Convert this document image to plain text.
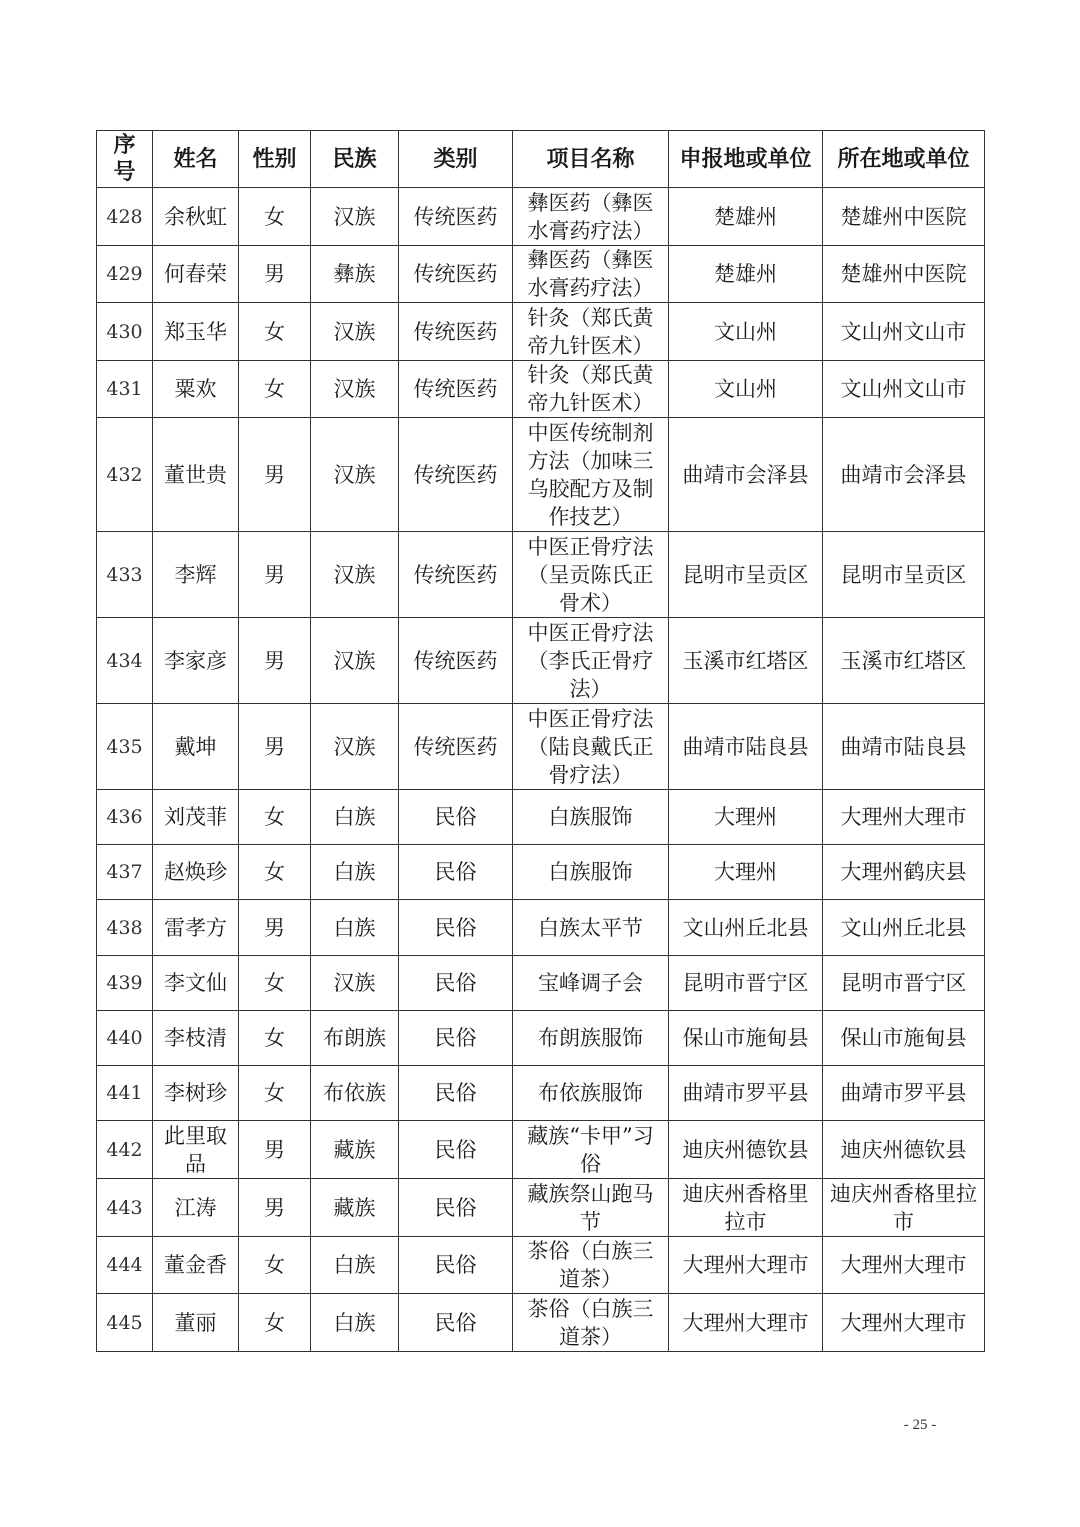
序号	姓名	性别	民族	类别	项目名称	申报地或单位	所在地或单位
428	余秋虹	女	汉族	传统医药	彝医药（彝医水膏药疗法）	楚雄州	楚雄州中医院
429	何春荣	男	彝族	传统医药	彝医药（彝医水膏药疗法）	楚雄州	楚雄州中医院
430	郑玉华	女	汉族	传统医药	针灸（郑氏黄帝九针医术）	文山州	文山州文山市
431	粟欢	女	汉族	传统医药	针灸（郑氏黄帝九针医术）	文山州	文山州文山市
432	董世贵	男	汉族	传统医药	中医传统制剂方法（加味三乌胶配方及制作技艺）	曲靖市会泽县	曲靖市会泽县
433	李辉	男	汉族	传统医药	中医正骨疗法（呈贡陈氏正骨术）	昆明市呈贡区	昆明市呈贡区
434	李家彦	男	汉族	传统医药	中医正骨疗法（李氏正骨疗法）	玉溪市红塔区	玉溪市红塔区
435	戴坤	男	汉族	传统医药	中医正骨疗法（陆良戴氏正骨疗法）	曲靖市陆良县	曲靖市陆良县
436	刘茂菲	女	白族	民俗	白族服饰	大理州	大理州大理市
437	赵焕珍	女	白族	民俗	白族服饰	大理州	大理州鹤庆县
438	雷孝方	男	白族	民俗	白族太平节	文山州丘北县	文山州丘北县
439	李文仙	女	汉族	民俗	宝峰调子会	昆明市晋宁区	昆明市晋宁区
440	李枝清	女	布朗族	民俗	布朗族服饰	保山市施甸县	保山市施甸县
441	李树珍	女	布依族	民俗	布依族服饰	曲靖市罗平县	曲靖市罗平县
442	此里取品	男	藏族	民俗	藏族“卡甲”习俗	迪庆州德钦县	迪庆州德钦县
443	江涛	男	藏族	民俗	藏族祭山跑马节	迪庆州香格里拉市	迪庆州香格里拉市
444	董金香	女	白族	民俗	茶俗（白族三道茶）	大理州大理市	大理州大理市
445	董丽	女	白族	民俗	茶俗（白族三道茶）	大理州大理市	大理州大理市
- 25 -
